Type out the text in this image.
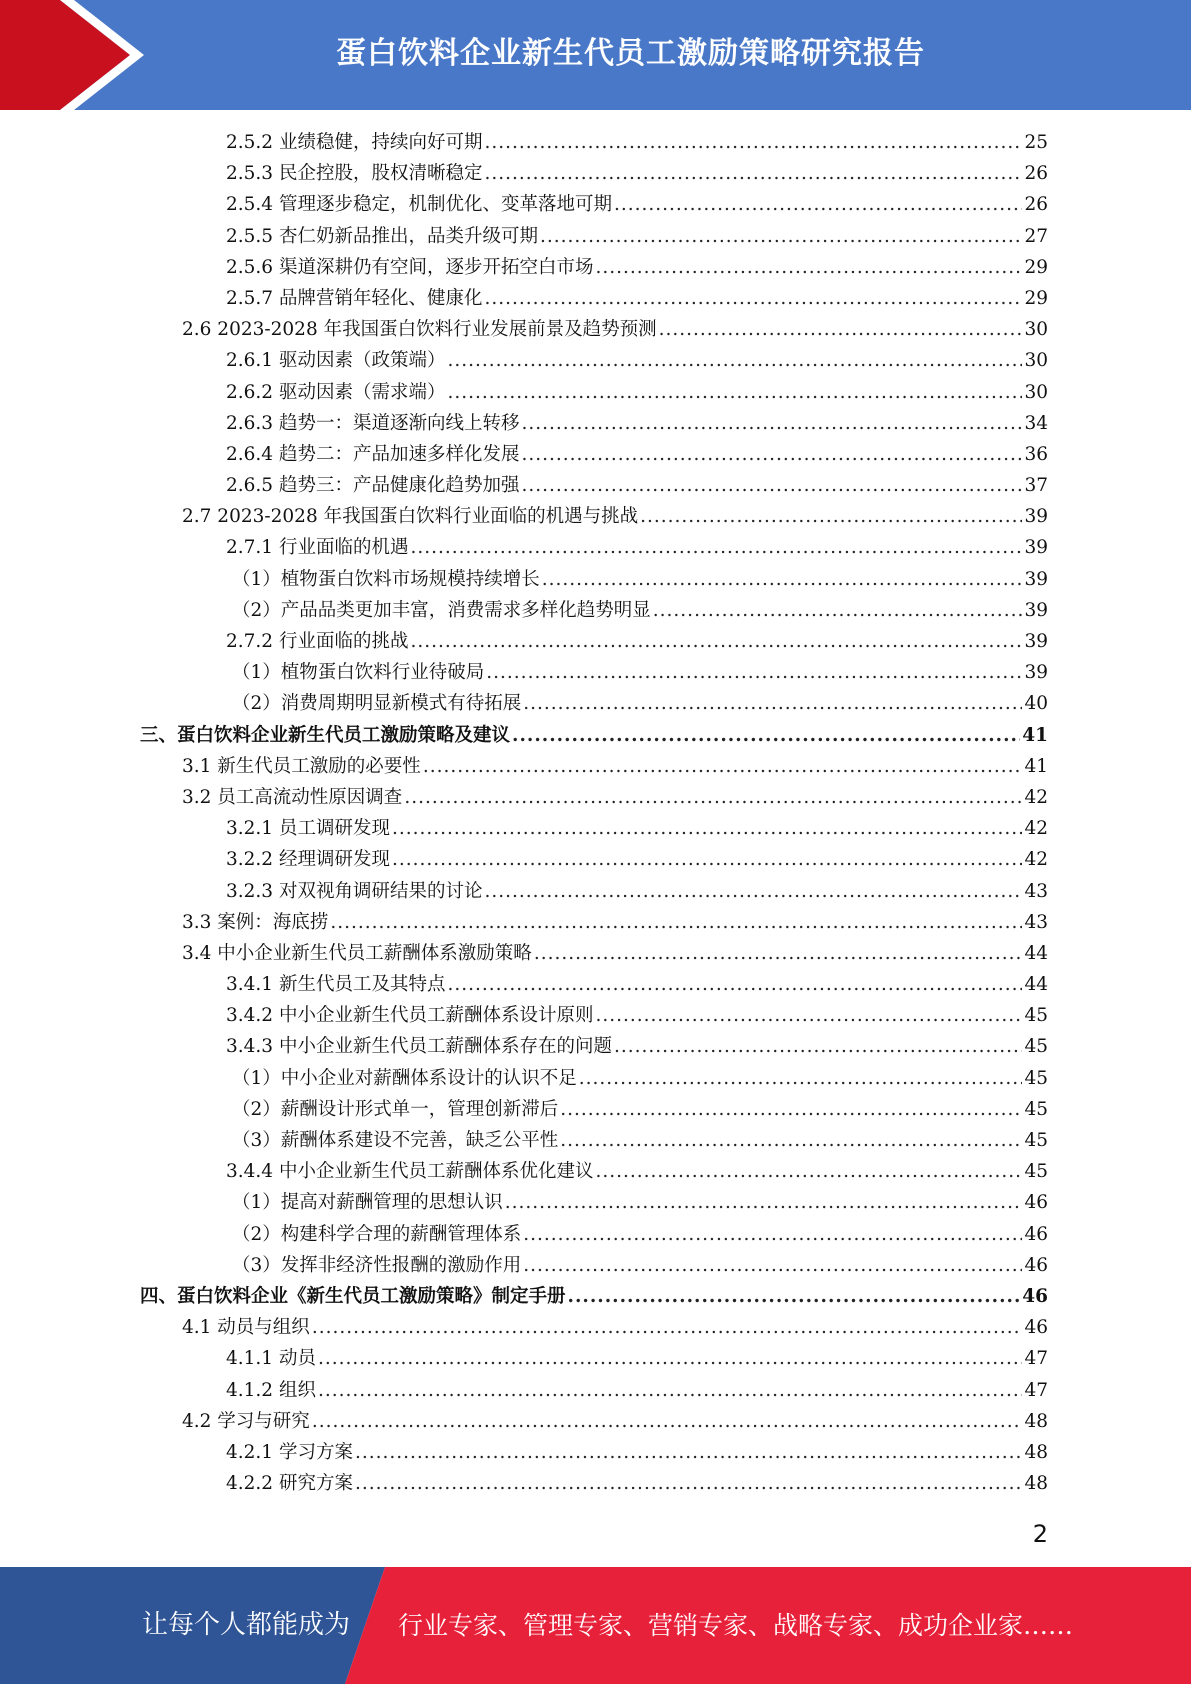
蛋白饮料企业新生代员工激励策略研究报告
2.5.2 业绩稳健，持续向好可期 .....	25
2.5.3 民企控股，股权清晰稳定 .....	26
2.5.4 管理逐步稳定，机制优化、变革落地可期 .....	26
2.5.5 杏仁奶新品推出，品类升级可期 .....	27
2.5.6 渠道深耕仍有空间，逐步开拓空白市场 .....	29
2.5.7 品牌营销年轻化、健康化 .....	29
2.6 2023-2028 年我国蛋白饮料行业发展前景及趋势预测 .....	30
2.6.1 驱动因素（政策端） .....	30
2.6.2 驱动因素（需求端） .....	30
2.6.3 趋势一：渠道逐渐向线上转移 .....	34
2.6.4 趋势二：产品加速多样化发展 .....	36
2.6.5 趋势三：产品健康化趋势加强 .....	37
2.7 2023-2028 年我国蛋白饮料行业面临的机遇与挑战 .....	39
2.7.1 行业面临的机遇 .....	39
（1）植物蛋白饮料市场规模持续增长 .....	39
（2）产品品类更加丰富，消费需求多样化趋势明显 .....	39
2.7.2 行业面临的挑战 .....	39
（1）植物蛋白饮料行业待破局 .....	39
（2）消费周期明显新模式有待拓展 .....	40
三、蛋白饮料企业新生代员工激励策略及建议 .....	41
3.1 新生代员工激励的必要性 .....	41
3.2 员工高流动性原因调查 .....	42
3.2.1 员工调研发现 .....	42
3.2.2 经理调研发现 .....	42
3.2.3 对双视角调研结果的讨论 .....	43
3.3 案例：海底捞 .....	43
3.4 中小企业新生代员工薪酬体系激励策略 .....	44
3.4.1 新生代员工及其特点 .....	44
3.4.2 中小企业新生代员工薪酬体系设计原则 .....	45
3.4.3 中小企业新生代员工薪酬体系存在的问题 .....	45
（1）中小企业对薪酬体系设计的认识不足 .....	45
（2）薪酬设计形式单一，管理创新滞后 .....	45
（3）薪酬体系建设不完善，缺乏公平性 .....	45
3.4.4 中小企业新生代员工薪酬体系优化建议 .....	45
（1）提高对薪酬管理的思想认识 .....	46
（2）构建科学合理的薪酬管理体系 .....	46
（3）发挥非经济性报酬的激励作用 .....	46
四、蛋白饮料企业《新生代员工激励策略》制定手册 .....	46
4.1 动员与组织 .....	46
4.1.1 动员 .....	47
4.1.2 组织 .....	47
4.2 学习与研究 .....	48
4.2.1 学习方案 .....	48
4.2.2 研究方案 .....	48
2
让每个人都能成为 行业专家、管理专家、营销专家、战略专家、成功企业家……
